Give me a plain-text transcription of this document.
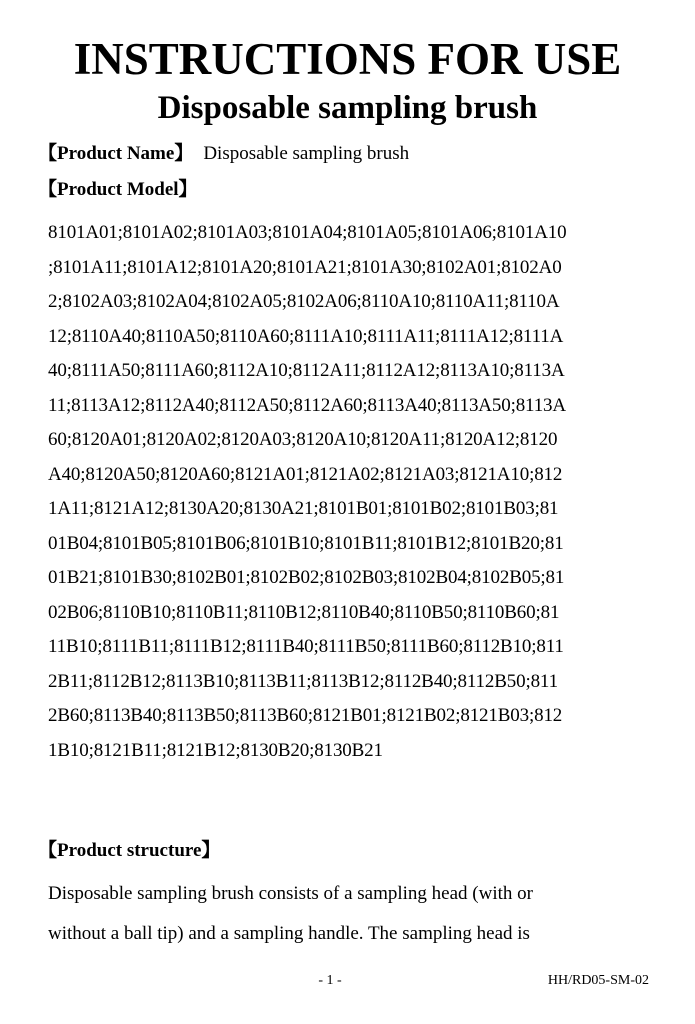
INSTRUCTIONS FOR USE
Disposable sampling brush
【Product Name】 Disposable sampling brush
【Product Model】
8101A01;8101A02;8101A03;8101A04;8101A05;8101A06;8101A10
;8101A11;8101A12;8101A20;8101A21;8101A30;8102A01;8102A0
2;8102A03;8102A04;8102A05;8102A06;8110A10;8110A11;8110A
12;8110A40;8110A50;8110A60;8111A10;8111A11;8111A12;8111A
40;8111A50;8111A60;8112A10;8112A11;8112A12;8113A10;8113A
11;8113A12;8112A40;8112A50;8112A60;8113A40;8113A50;8113A
60;8120A01;8120A02;8120A03;8120A10;8120A11;8120A12;8120
A40;8120A50;8120A60;8121A01;8121A02;8121A03;8121A10;812
1A11;8121A12;8130A20;8130A21;8101B01;8101B02;8101B03;81
01B04;8101B05;8101B06;8101B10;8101B11;8101B12;8101B20;81
01B21;8101B30;8102B01;8102B02;8102B03;8102B04;8102B05;81
02B06;8110B10;8110B11;8110B12;8110B40;8110B50;8110B60;81
11B10;8111B11;8111B12;8111B40;8111B50;8111B60;8112B10;811
2B11;8112B12;8113B10;8113B11;8113B12;8112B40;8112B50;811
2B60;8113B40;8113B50;8113B60;8121B01;8121B02;8121B03;812
1B10;8121B11;8121B12;8130B20;8130B21
【Product structure】
Disposable sampling brush consists of a sampling head (with or
without a ball tip) and a sampling handle. The sampling head is
- 1 -	HH/RD05-SM-02
